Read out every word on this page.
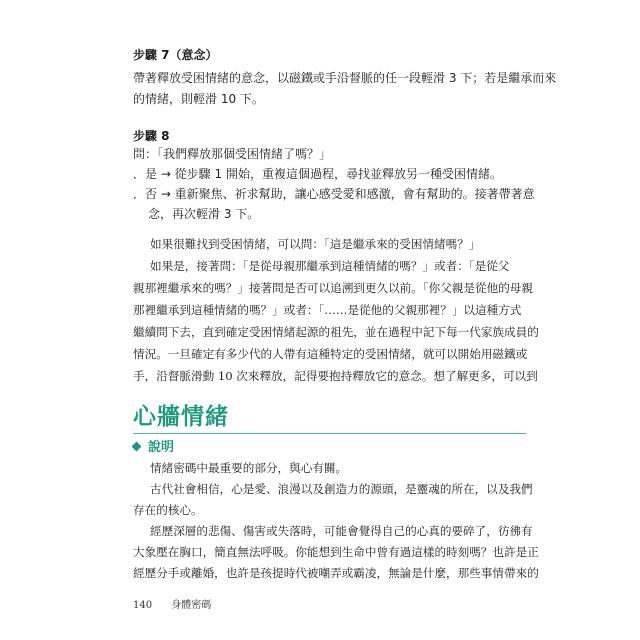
步驟 7（意念）

帶著釋放受困情緒的意念，以磁鐵或手沿督脈的任一段輕滑 3 下；若是繼承而來

的情緒，則輕滑 10 下。

步驟 8

問：「我們釋放那個受困情緒了嗎？」

．是 → 從步驟 1 開始，重複這個過程，尋找並釋放另一種受困情緒。

．否 → 重新聚焦、祈求幫助，讓心感受愛和感激，會有幫助的。接著帶著意

念，再次輕滑 3 下。

如果很難找到受困情緒，可以問：「這是繼承來的受困情緒嗎？」

如果是，接著問：「是從母親那繼承到這種情緒的嗎？」或者：「是從父

親那裡繼承來的嗎？」接著問是否可以追溯到更久以前。「你父親是從他的母親

那裡繼承到這種情緒的嗎？」或者：「……是從他的父親那裡？」以這種方式

繼續問下去，直到確定受困情緒起源的祖先，並在過程中記下每一代家族成員的

情況。一旦確定有多少代的人帶有這種特定的受困情緒，就可以開始用磁鐵或

手，沿督脈滑動 10 次來釋放，記得要抱持釋放它的意念。想了解更多，可以到

心牆情緒
說明

情緒密碼中最重要的部分，與心有關。

古代社會相信，心是愛、浪漫以及創造力的源頭，是靈魂的所在，以及我們

存在的核心。

經歷深層的悲傷、傷害或失落時，可能會覺得自己的心真的要碎了，彷彿有

大象壓在胸口，簡直無法呼吸。你能想到生命中曾有過這樣的時刻嗎？也許是正

經歷分手或離婚，也許是孩提時代被嘲弄或霸凌，無論是什麼，那些事情帶來的

140 身體密碼
